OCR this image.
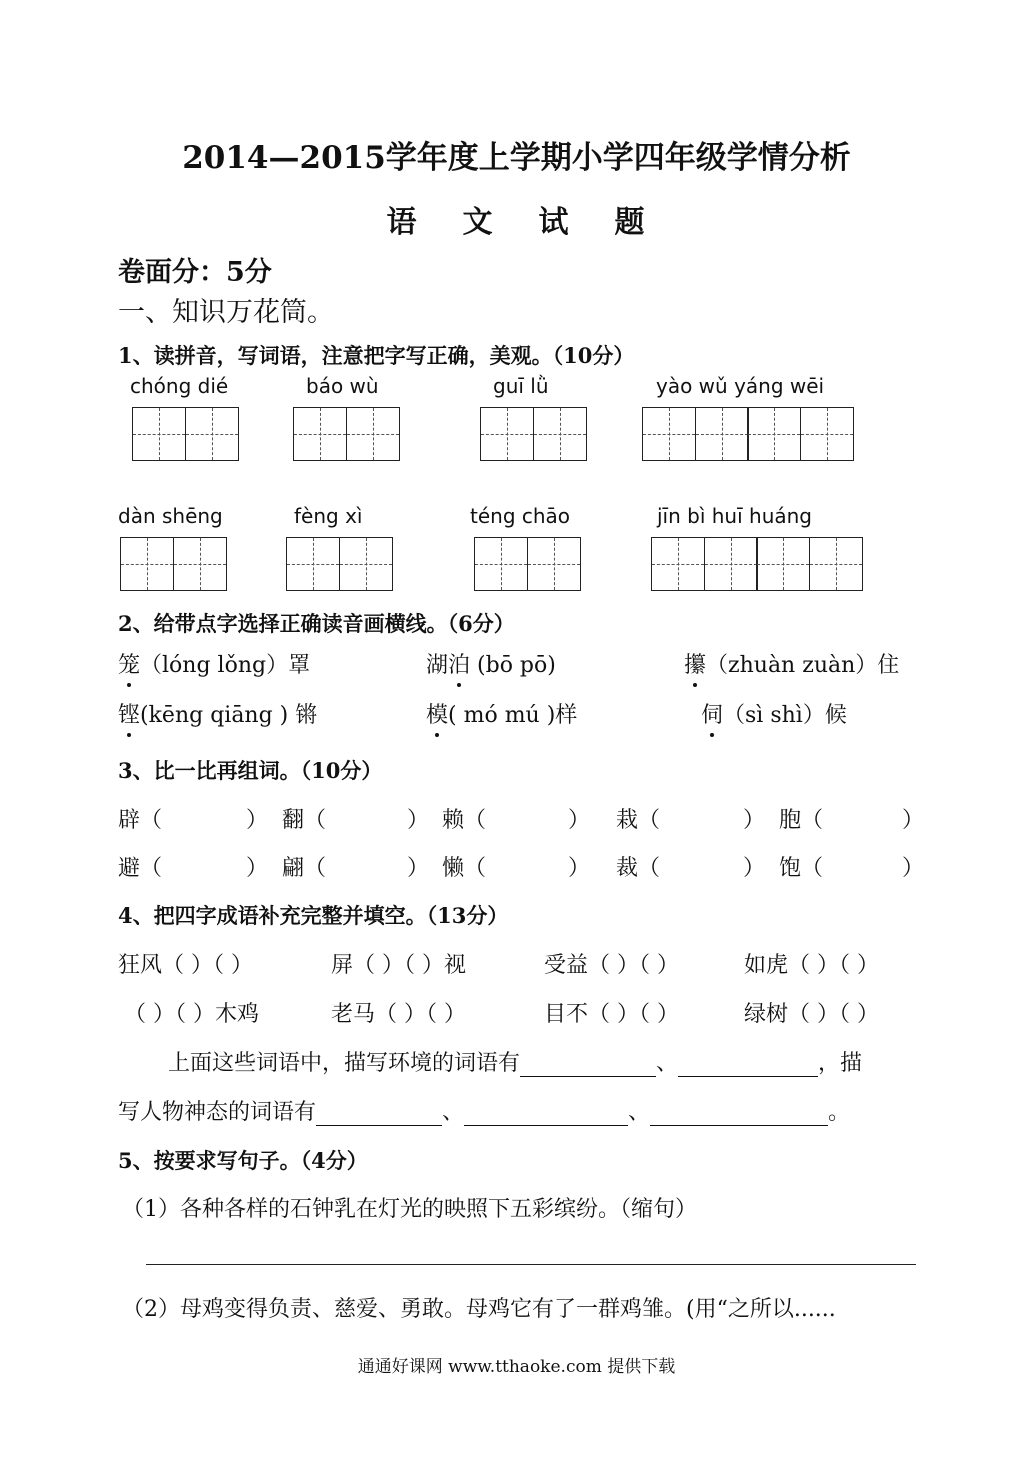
2014—2015学年度上学期小学四年级学情分析
语 文 试 题
卷面分：5分
一、知识万花筒。
1、读拼音，写词语，注意把字写正确，美观。（10分）
chóng dié	báo wù	guī lǜ	yào wǔ yáng wēi
dàn shēng	fèng xì	téng chāo	jīn bì huī huáng
2、给带点字选择正确读音画横线。（6分）
笼（lóng lǒng）罩	湖泊 (bō pō)	攥（zhuàn zuàn）住
铿(kēng qiāng ) 锵	模( mó mú )样	伺（sì shì）候
3、比一比再组词。（10分）
辟（	） 翻（	） 赖（	） 栽（	） 胞（	）
避（	） 翩（	） 懒（	） 裁（	） 饱（	）
4、把四字成语补充完整并填空。（13分）
狂风（ ）（ ）	屏（ ）（ ）视	受益（ ）（ ）	如虎（ ）（ ）
（ ）（ ）木鸡	老马（ ）（ ）	目不（ ）（ ）	绿树（ ）（ ）
上面这些词语中，描写环境的词语有	、	，描
写人物神态的词语有	、	、	。
5、按要求写句子。（4分）
（1）各种各样的石钟乳在灯光的映照下五彩缤纷。（缩句）
（2）母鸡变得负责、慈爱、勇敢。母鸡它有了一群鸡雏。(用“之所以......
通通好课网 www.tthaoke.com 提供下载
